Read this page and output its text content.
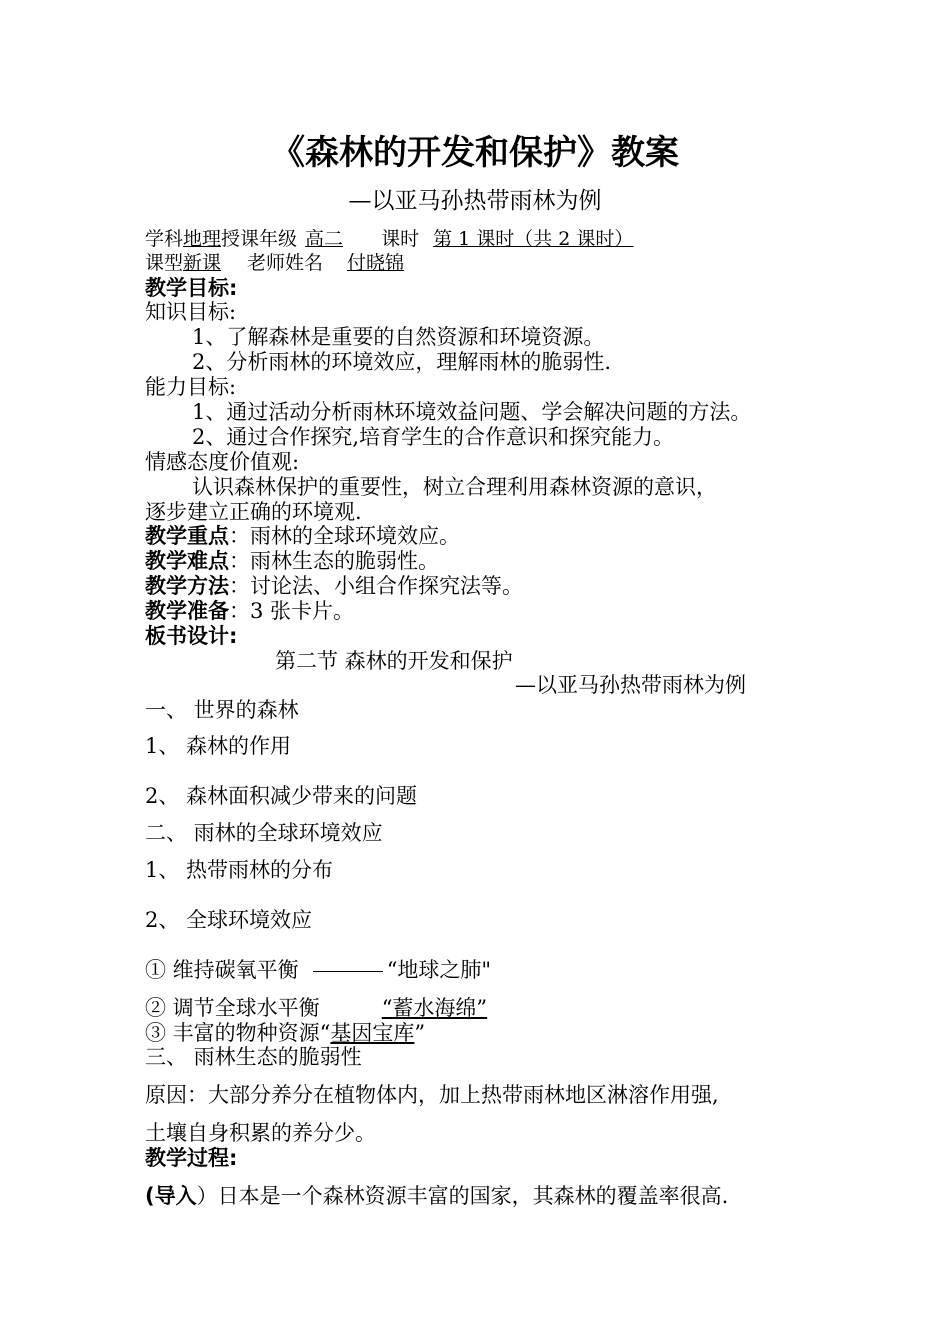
《森林的开发和保护》教案
—以亚马孙热带雨林为例
学科地理授课年级 高二 课时 第 1 课时（共 2 课时）
课型新课 老师姓名 付晓锦
教学目标:
知识目标:
1、了解森林是重要的自然资源和环境资源。
2、分析雨林的环境效应，理解雨林的脆弱性.
能力目标:
1、通过活动分析雨林环境效益问题、学会解决问题的方法。
2、通过合作探究,培育学生的合作意识和探究能力。
情感态度价值观:
认识森林保护的重要性，树立合理利用森林资源的意识，
逐步建立正确的环境观.
教学重点：雨林的全球环境效应。
教学难点：雨林生态的脆弱性。
教学方法：讨论法、小组合作探究法等。
教学准备：3 张卡片。
板书设计:
第二节 森林的开发和保护
—以亚马孙热带雨林为例
一、 世界的森林
1、 森林的作用
2、 森林面积减少带来的问题
二、 雨林的全球环境效应
1、 热带雨林的分布
2、 全球环境效应
① 维持碳氧平衡	“地球之肺"
② 调节全球水平衡	“蓄水海绵”
③ 丰富的物种资源“基因宝库”
三、 雨林生态的脆弱性
原因：大部分养分在植物体内，加上热带雨林地区淋溶作用强,
土壤自身积累的养分少。
教学过程:
(导入）日本是一个森林资源丰富的国家，其森林的覆盖率很高.
